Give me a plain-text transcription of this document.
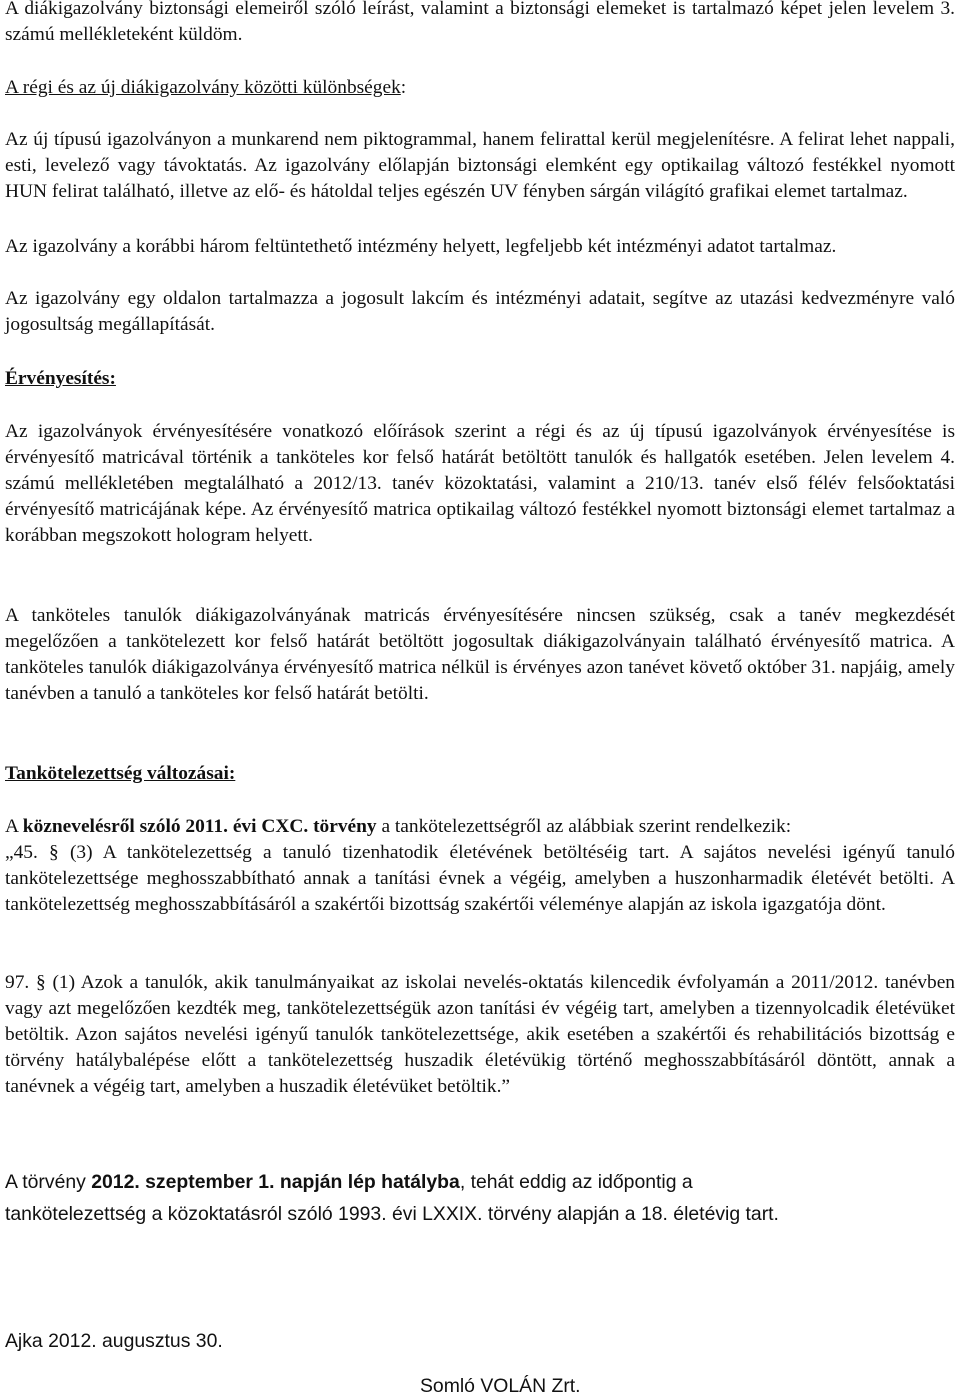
A diákigazolvány biztonsági elemeiről szóló leírást, valamint a biztonsági elemeket is tartalmazó képet jelen levelem 3. számú mellékleteként küldöm.

A régi és az új diákigazolvány közötti különbségek:

Az új típusú igazolványon a munkarend nem piktogrammal, hanem felirattal kerül megjelenítésre. A felirat lehet nappali, esti, levelező vagy távoktatás. Az igazolvány előlapján biztonsági elemként egy optikailag változó festékkel nyomott HUN felirat található, illetve az elő- és hátoldal teljes egészén UV fényben sárgán világító grafikai elemet tartalmaz.

Az igazolvány a korábbi három feltüntethető intézmény helyett, legfeljebb két intézményi adatot tartalmaz.

Az igazolvány egy oldalon tartalmazza a jogosult lakcím és intézményi adatait, segítve az utazási kedvezményre való jogosultság megállapítását.

Érvényesítés:

Az igazolványok érvényesítésére vonatkozó előírások szerint a régi és az új típusú igazolványok érvényesítése is érvényesítő matricával történik a tanköteles kor felső határát betöltött tanulók és hallgatók esetében. Jelen levelem 4. számú mellékletében megtalálható a 2012/13. tanév közoktatási, valamint a 210/13. tanév első félév felsőoktatási érvényesítő matricájának képe. Az érvényesítő matrica optikailag változó festékkel nyomott biztonsági elemet tartalmaz a korábban megszokott hologram helyett.

A tanköteles tanulók diákigazolványának matricás érvényesítésére nincsen szükség, csak a tanév megkezdését megelőzően a tankötelezett kor felső határát betöltött jogosultak diákigazolványain található érvényesítő matrica. A tanköteles tanulók diákigazolványa érvényesítő matrica nélkül is érvényes azon tanévet követő október 31. napjáig, amely tanévben a tanuló a tanköteles kor felső határát betölti.

Tankötelezettség változásai:
A köznevelésről szóló 2011. évi CXC. törvény a tankötelezettségről az alábbiak szerint rendelkezik:

„45. § (3) A tankötelezettség a tanuló tizenhatodik életévének betöltéséig tart. A sajátos nevelési igényű tanuló tankötelezettsége meghosszabbítható annak a tanítási évnek a végéig, amelyben a huszonharmadik életévét betölti. A tankötelezettség meghosszabbításáról a szakértői bizottság szakértői véleménye alapján az iskola igazgatója dönt.

97. § (1) Azok a tanulók, akik tanulmányaikat az iskolai nevelés-oktatás kilencedik évfolyamán a 2011/2012. tanévben vagy azt megelőzően kezdték meg, tankötelezettségük azon tanítási év végéig tart, amelyben a tizennyolcadik életévüket betöltik. Azon sajátos nevelési igényű tanulók tankötelezettsége, akik esetében a szakértői és rehabilitációs bizottság e törvény hatálybalépése előtt a tankötelezettség huszadik életévükig történő meghosszabbításáról döntött, annak a tanévnek a végéig tart, amelyben a huszadik életévüket betöltik.”

A törvény 2012. szeptember 1. napján lép hatályba, tehát eddig az időpontig a
tankötelezettség a közoktatásról szóló 1993. évi LXXIX. törvény alapján a 18. életévig tart.
Ajka 2012. augusztus 30.
Somló VOLÁN Zrt.
